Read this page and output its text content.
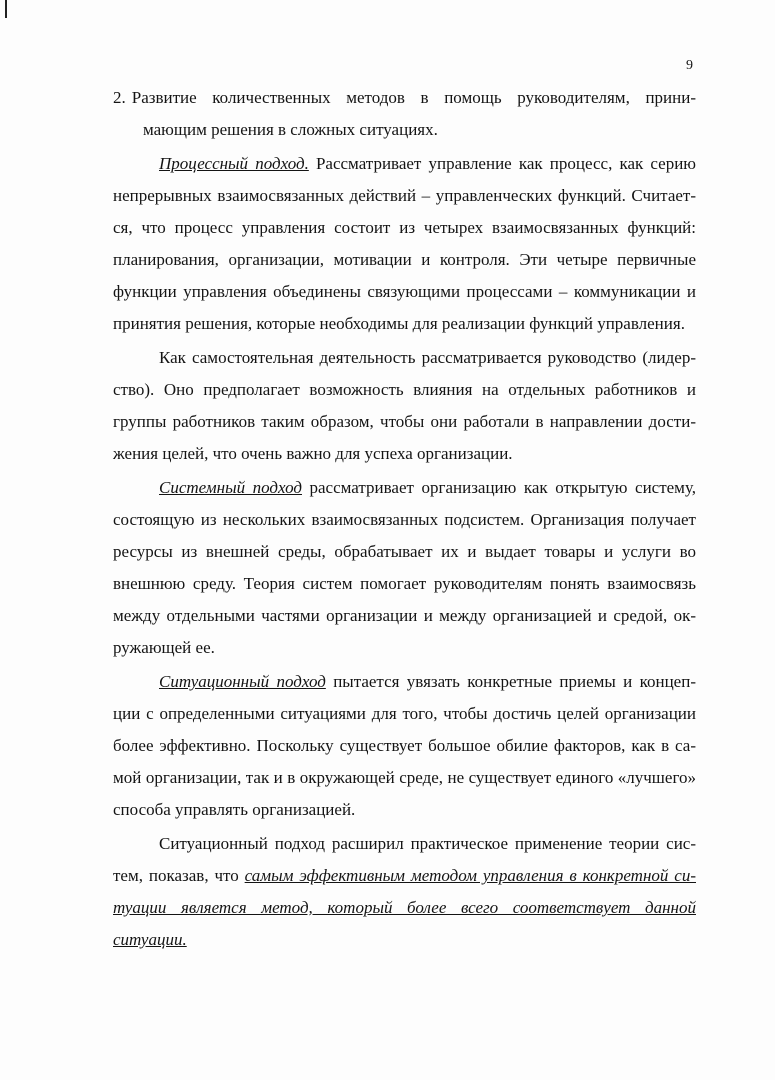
9

2. Развитие количественных методов в помощь руководителям, прини-
мающим решения в сложных ситуациях.

Процессный подход. Рассматривает управление как процесс, как серию
непрерывных взаимосвязанных действий – управленческих функций. Считает-
ся, что процесс управления состоит из четырех взаимосвязанных функций:
планирования, организации, мотивации и контроля. Эти четыре первичные
функции управления объединены связующими процессами – коммуникации и
принятия решения, которые необходимы для реализации функций управления.

Как самостоятельная деятельность рассматривается руководство (лидер-
ство). Оно предполагает возможность влияния на отдельных работников и
группы работников таким образом, чтобы они работали в направлении дости-
жения целей, что очень важно для успеха организации.

Системный подход рассматривает организацию как открытую систему,
состоящую из нескольких взаимосвязанных подсистем. Организация получает
ресурсы из внешней среды, обрабатывает их и выдает товары и услуги во
внешнюю среду. Теория систем помогает руководителям понять взаимосвязь
между отдельными частями организации и между организацией и средой, ок-
ружающей ее.

Ситуационный подход пытается увязать конкретные приемы и концеп-
ции с определенными ситуациями для того, чтобы достичь целей организации
более эффективно. Поскольку существует большое обилие факторов, как в са-
мой организации, так и в окружающей среде, не существует единого «лучшего»
способа управлять организацией.

Ситуационный подход расширил практическое применение теории сис-
тем, показав, что самым эффективным методом управления в конкретной си-
туации является метод, который более всего соответствует данной
ситуации.
